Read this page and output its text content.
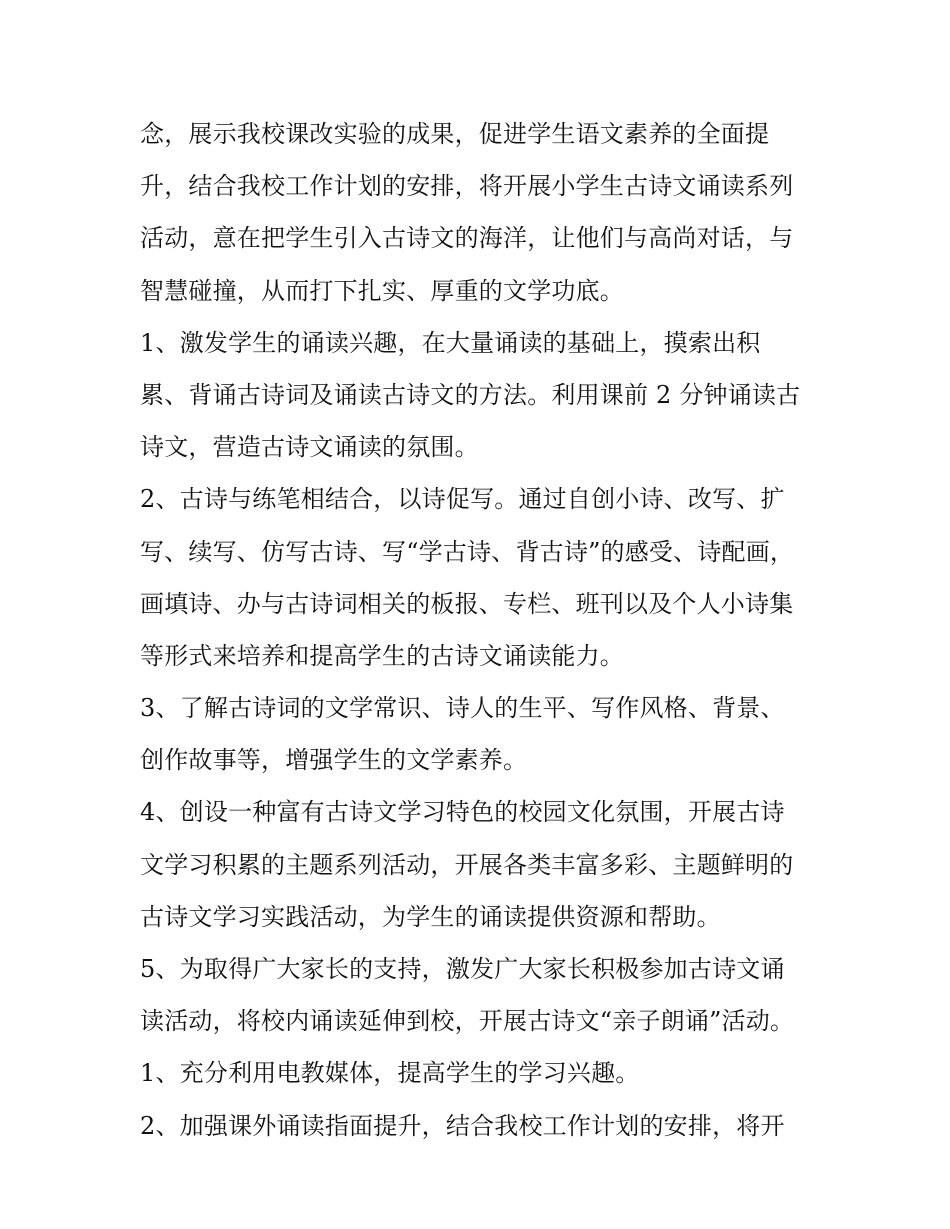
念，展示我校课改实验的成果，促进学生语文素养的全面提
升，结合我校工作计划的安排，将开展小学生古诗文诵读系列
活动，意在把学生引入古诗文的海洋，让他们与高尚对话，与
智慧碰撞，从而打下扎实、厚重的文学功底。
1、激发学生的诵读兴趣，在大量诵读的基础上，摸索出积
累、背诵古诗词及诵读古诗文的方法。利用课前 2 分钟诵读古
诗文，营造古诗文诵读的氛围。
2、古诗与练笔相结合，以诗促写。通过自创小诗、改写、扩
写、续写、仿写古诗、写“学古诗、背古诗”的感受、诗配画，
画填诗、办与古诗词相关的板报、专栏、班刊以及个人小诗集
等形式来培养和提高学生的古诗文诵读能力。
3、了解古诗词的文学常识、诗人的生平、写作风格、背景、
创作故事等，增强学生的文学素养。
4、创设一种富有古诗文学习特色的校园文化氛围，开展古诗
文学习积累的主题系列活动，开展各类丰富多彩、主题鲜明的
古诗文学习实践活动，为学生的诵读提供资源和帮助。
5、为取得广大家长的支持，激发广大家长积极参加古诗文诵
读活动，将校内诵读延伸到校，开展古诗文“亲子朗诵”活动。
1、充分利用电教媒体，提高学生的学习兴趣。
2、加强课外诵读指面提升，结合我校工作计划的安排，将开
